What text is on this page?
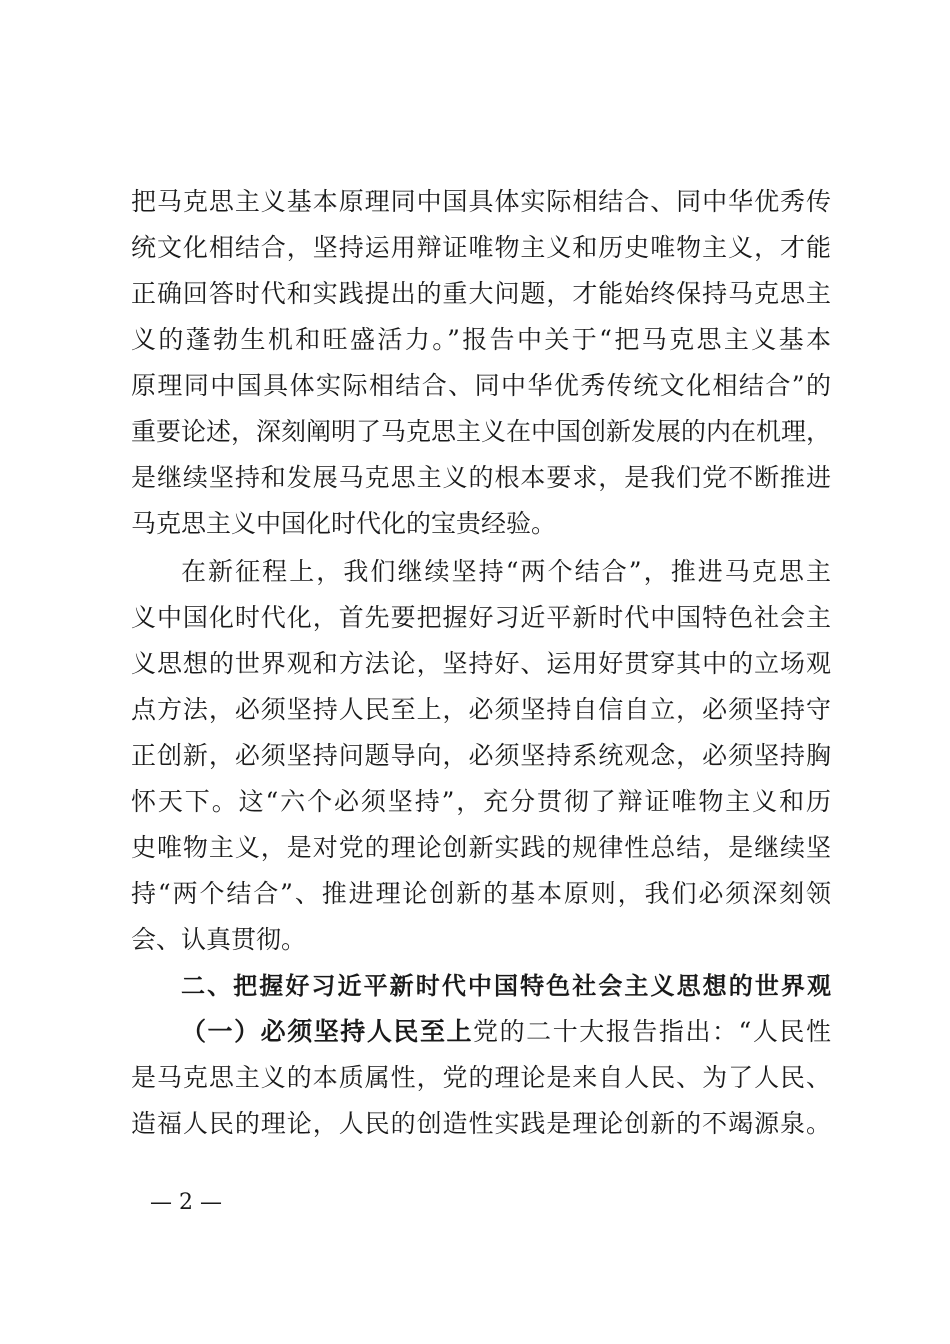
把马克思主义基本原理同中国具体实际相结合、同中华优秀传
统文化相结合，坚持运用辩证唯物主义和历史唯物主义，才能
正确回答时代和实践提出的重大问题，才能始终保持马克思主
义的蓬勃生机和旺盛活力。”报告中关于“把马克思主义基本
原理同中国具体实际相结合、同中华优秀传统文化相结合”的
重要论述，深刻阐明了马克思主义在中国创新发展的内在机理，
是继续坚持和发展马克思主义的根本要求，是我们党不断推进
马克思主义中国化时代化的宝贵经验。
在新征程上，我们继续坚持“两个结合”，推进马克思主
义中国化时代化，首先要把握好习近平新时代中国特色社会主
义思想的世界观和方法论，坚持好、运用好贯穿其中的立场观
点方法，必须坚持人民至上，必须坚持自信自立，必须坚持守
正创新，必须坚持问题导向，必须坚持系统观念，必须坚持胸
怀天下。这“六个必须坚持”，充分贯彻了辩证唯物主义和历
史唯物主义，是对党的理论创新实践的规律性总结，是继续坚
持“两个结合”、推进理论创新的基本原则，我们必须深刻领
会、认真贯彻。
二、把握好习近平新时代中国特色社会主义思想的世界观
（一）必须坚持人民至上党的二十大报告指出：“人民性
是马克思主义的本质属性，党的理论是来自人民、为了人民、
造福人民的理论，人民的创造性实践是理论创新的不竭源泉。
— 2 —
